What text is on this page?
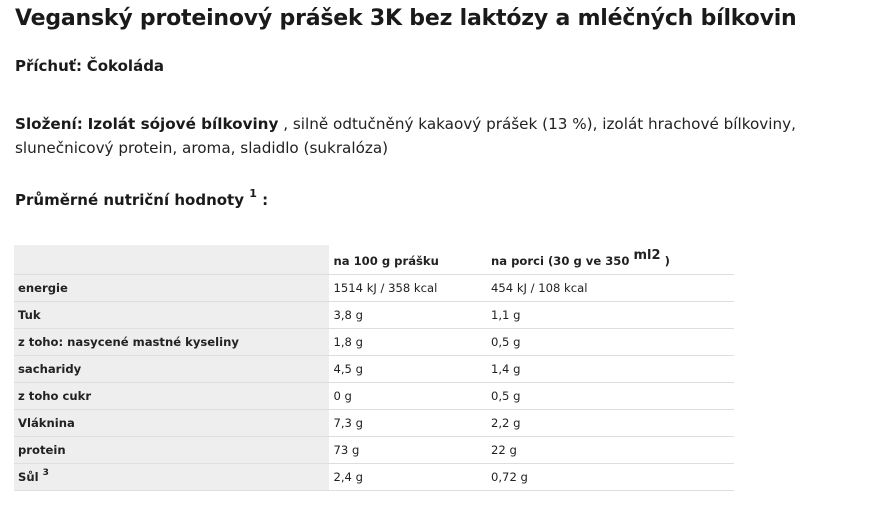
Veganský proteinový prášek 3K bez laktózy a mléčných bílkovin

Příchuť: Čokoláda

Složení: Izolát sójové bílkoviny , silně odtučněný kakaový prášek (13 %), izolát hrachové bílkoviny, slunečnicový protein, aroma, sladidlo (sukralóza)

Průměrné nutriční hodnoty $^1$ :

	na 100 g prášku	na porci (30 g ve 350 $^{ml2}$ )
energie	1514 kJ / 358 kcal	454 kJ / 108 kcal
Tuk	3,8 g	1,1 g
z toho: nasycené mastné kyseliny	1,8 g	0,5 g
sacharidy	4,5 g	1,4 g
z toho cukr	0 g	0,5 g
Vláknina	7,3 g	2,2 g
protein	73 g	22 g
Sůl $^3$	2,4 g	0,72 g
